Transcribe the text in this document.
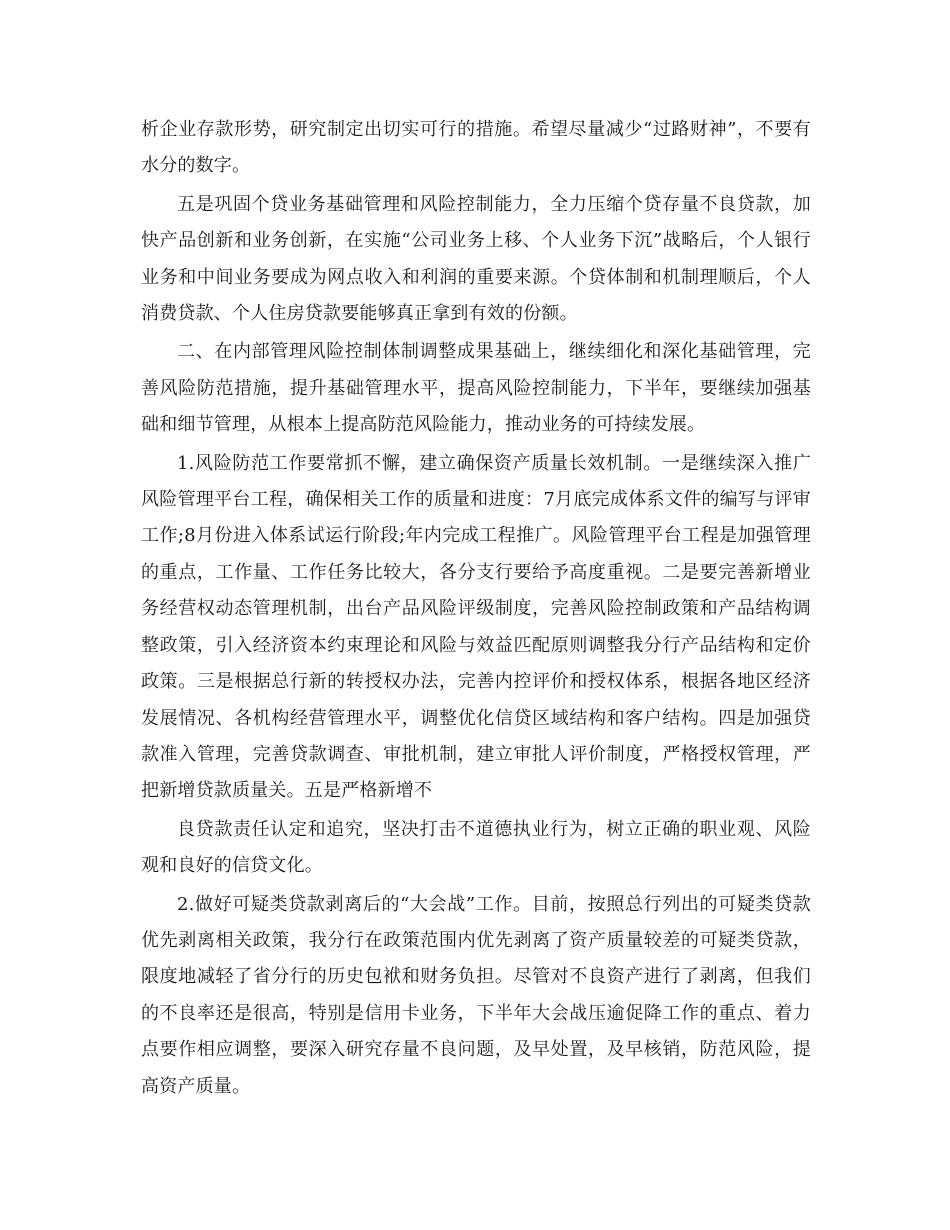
析企业存款形势，研究制定出切实可行的措施。希望尽量减少“过路财神”，不要有水分的数字。

五是巩固个贷业务基础管理和风险控制能力，全力压缩个贷存量不良贷款，加快产品创新和业务创新，在实施“公司业务上移、个人业务下沉”战略后，个人银行业务和中间业务要成为网点收入和利润的重要来源。个贷体制和机制理顺后，个人消费贷款、个人住房贷款要能够真正拿到有效的份额。

二、在内部管理风险控制体制调整成果基础上，继续细化和深化基础管理，完善风险防范措施，提升基础管理水平，提高风险控制能力，下半年，要继续加强基础和细节管理，从根本上提高防范风险能力，推动业务的可持续发展。

1.风险防范工作要常抓不懈，建立确保资产质量长效机制。一是继续深入推广风险管理平台工程，确保相关工作的质量和进度：7月底完成体系文件的编写与评审工作;8月份进入体系试运行阶段;年内完成工程推广。风险管理平台工程是加强管理的重点，工作量、工作任务比较大，各分支行要给予高度重视。二是要完善新增业务经营权动态管理机制，出台产品风险评级制度，完善风险控制政策和产品结构调整政策，引入经济资本约束理论和风险与效益匹配原则调整我分行产品结构和定价政策。三是根据总行新的转授权办法，完善内控评价和授权体系，根据各地区经济发展情况、各机构经营管理水平，调整优化信贷区域结构和客户结构。四是加强贷款准入管理，完善贷款调查、审批机制，建立审批人评价制度，严格授权管理，严把新增贷款质量关。五是严格新增不

良贷款责任认定和追究，坚决打击不道德执业行为，树立正确的职业观、风险观和良好的信贷文化。

2.做好可疑类贷款剥离后的“大会战”工作。目前，按照总行列出的可疑类贷款优先剥离相关政策，我分行在政策范围内优先剥离了资产质量较差的可疑类贷款，限度地减轻了省分行的历史包袱和财务负担。尽管对不良资产进行了剥离，但我们的不良率还是很高，特别是信用卡业务，下半年大会战压逾促降工作的重点、着力点要作相应调整，要深入研究存量不良问题，及早处置，及早核销，防范风险，提高资产质量。
